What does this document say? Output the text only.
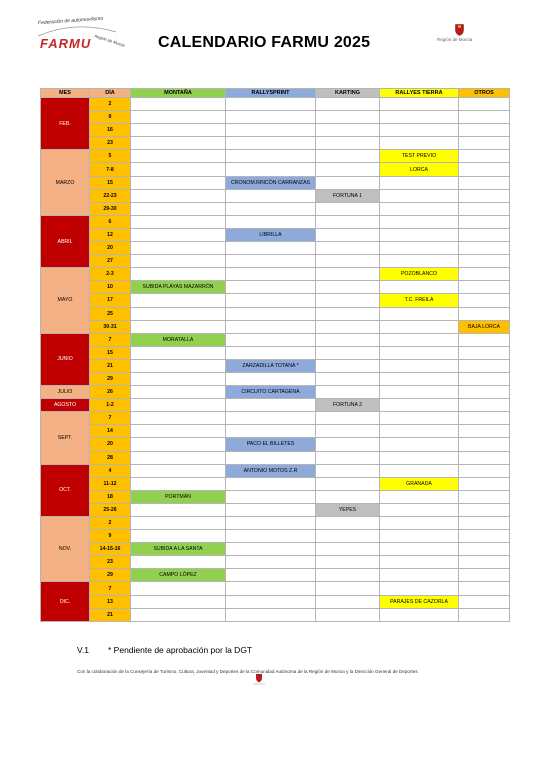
Federación de automovilismo
FARMU Región de Murcia CALENDARIO FARMU 2025	Región de Murcia
MES	DÍA	MONTAÑA	RALLYSPRINT	KARTING	RALLYES TIERRA	OTROS
FEB.	2					
	9					
	16					
	23					
MARZO	5				TEST PREVIO	
	7-8				LORCA	
	15		CRONOM.RINCÓN CARRANZAS			
	22-23			FORTUNA 1		
	29-30					
ABRIL	6					
	12		LIBRILLA			
	20					
	27					
MAYO	2-3				POZOBLANCO	
	10	SUBIDA PLAYAS MAZARRÓN				
	17				T.C. FREILA	
	25					
	30-31					BAJA LORCA
JUNIO	7	MORATALLA				
	15					
	21		ZARZADILLA TOTANA *			
	29					
JULIO	26		CIRCUITO CARTAGENA			
AGOSTO	1-2			FORTUNA 2		
SEPT.	7					
	14					
	20		PACO EL BILLETES			
	28					
OCT.	4		ANTONIO MOTOS Z.R			
	11-12				GRANADA	
	18	PORTMÁN				
	25-26			YEPES		
NOV.	2					
	9					
	14-15-16	SUBIDA A LA SANTA				
	23					
	29	CAMPO LÓPEZ				
DIC.	7					
	13				PARAJES DE CAZORLA	
	21					
V.1 * Pendiente de aprobación por la DGT
Con la colaboración de la Consejería de Turismo, Cultura, Juventud y Deportes de la Comunidad Autónoma de la Región de Murcia y la Dirección General de Deportes
